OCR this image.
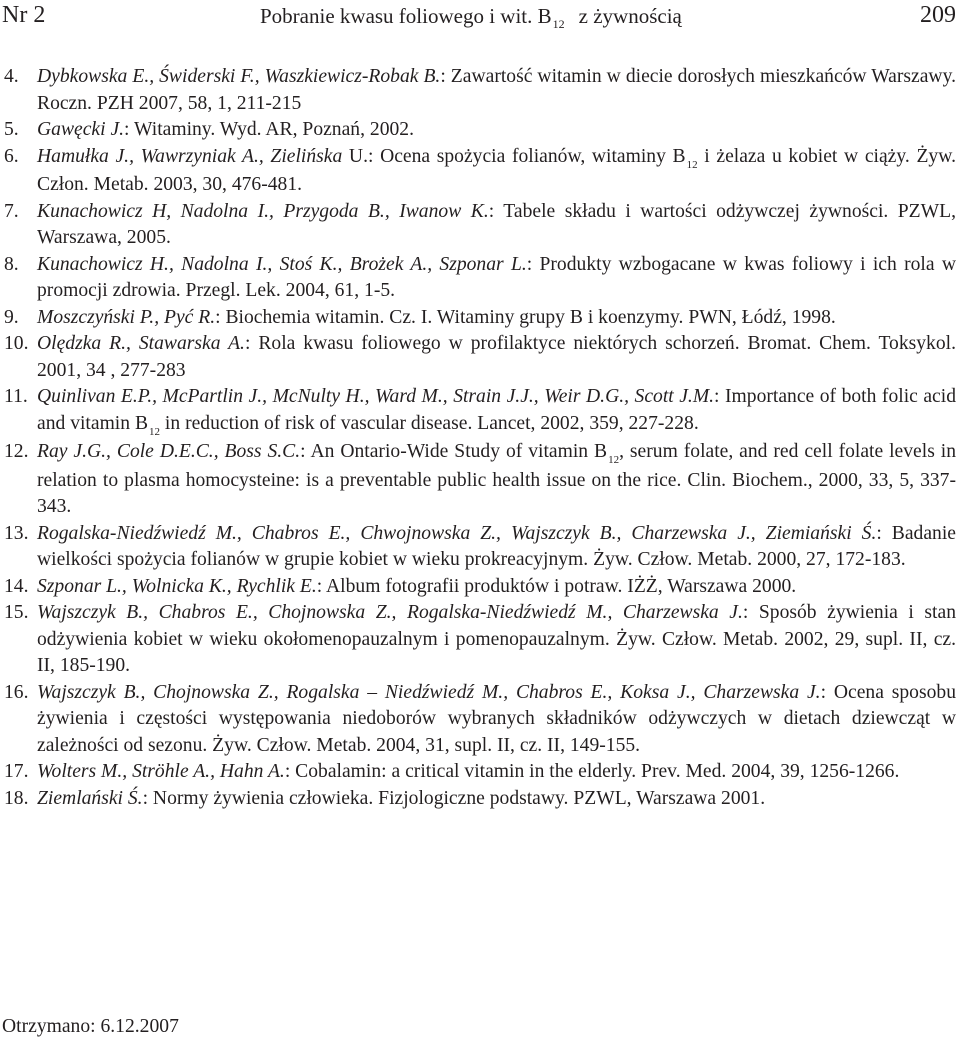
Nr 2	Pobranie kwasu foliowego i wit. $B_{12}$ z żywnością	209
4. Dybkowska E., Świderski F., Waszkiewicz-Robak B.: Zawartość witamin w diecie dorosłych mieszkańców Warszawy. Roczn. PZH 2007, 58, 1, 211-215
5. Gawęcki J.: Witaminy. Wyd. AR, Poznań, 2002.
6. Hamułka J., Wawrzyniak A., Zielińska U.: Ocena spożycia folianów, witaminy $B_{12}$ i żelaza u kobiet w ciąży. Żyw. Człon. Metab. 2003, 30, 476-481.
7. Kunachowicz H, Nadolna I., Przygoda B., Iwanow K.: Tabele składu i wartości odżywczej żywności. PZWL, Warszawa, 2005.
8. Kunachowicz H., Nadolna I., Stoś K., Brożek A., Szponar L.: Produkty wzbogacane w kwas foliowy i ich rola w promocji zdrowia. Przegl. Lek. 2004, 61, 1-5.
9. Moszczyński P., Pyć R.: Biochemia witamin. Cz. I. Witaminy grupy B i koenzymy. PWN, Łódź, 1998.
10. Olędzka R., Stawarska A.: Rola kwasu foliowego w profilaktyce niektórych schorzeń. Bromat. Chem. Toksykol. 2001, 34 , 277-283
11. Quinlivan E.P., McPartlin J., McNulty H., Ward M., Strain J.J., Weir D.G., Scott J.M.: Importance of both folic acid and vitamin $B_{12}$ in reduction of risk of vascular disease. Lancet, 2002, 359, 227-228.
12. Ray J.G., Cole D.E.C., Boss S.C.: An Ontario-Wide Study of vitamin $B_{12}$, serum folate, and red cell folate levels in relation to plasma homocysteine: is a preventable public health issue on the rice. Clin. Biochem., 2000, 33, 5, 337-343.
13. Rogalska-Niedźwiedź M., Chabros E., Chwojnowska Z., Wajszczyk B., Charzewska J., Ziemiański Ś.: Badanie wielkości spożycia folianów w grupie kobiet w wieku prokreacyjnym. Żyw. Człow. Metab. 2000, 27, 172-183.
14. Szponar L., Wolnicka K., Rychlik E.: Album fotografii produktów i potraw. IŻŻ, Warszawa 2000.
15. Wajszczyk B., Chabros E., Chojnowska Z., Rogalska-Niedźwiedź M., Charzewska J.: Sposób żywienia i stan odżywienia kobiet w wieku okołomenopauzalnym i pomenopauzalnym. Żyw. Człow. Metab. 2002, 29, supl. II, cz. II, 185-190.
16. Wajszczyk B., Chojnowska Z., Rogalska – Niedźwiedź M., Chabros E., Koksa J., Charzewska J.: Ocena sposobu żywienia i częstości występowania niedoborów wybranych składników odżywczych w dietach dziewcząt w zależności od sezonu. Żyw. Człow. Metab. 2004, 31, supl. II, cz. II, 149-155.
17. Wolters M., Ströhle A., Hahn A.: Cobalamin: a critical vitamin in the elderly. Prev. Med. 2004, 39, 1256-1266.
18. Ziemlański Ś.: Normy żywienia człowieka. Fizjologiczne podstawy. PZWL, Warszawa 2001.
Otrzymano: 6.12.2007
